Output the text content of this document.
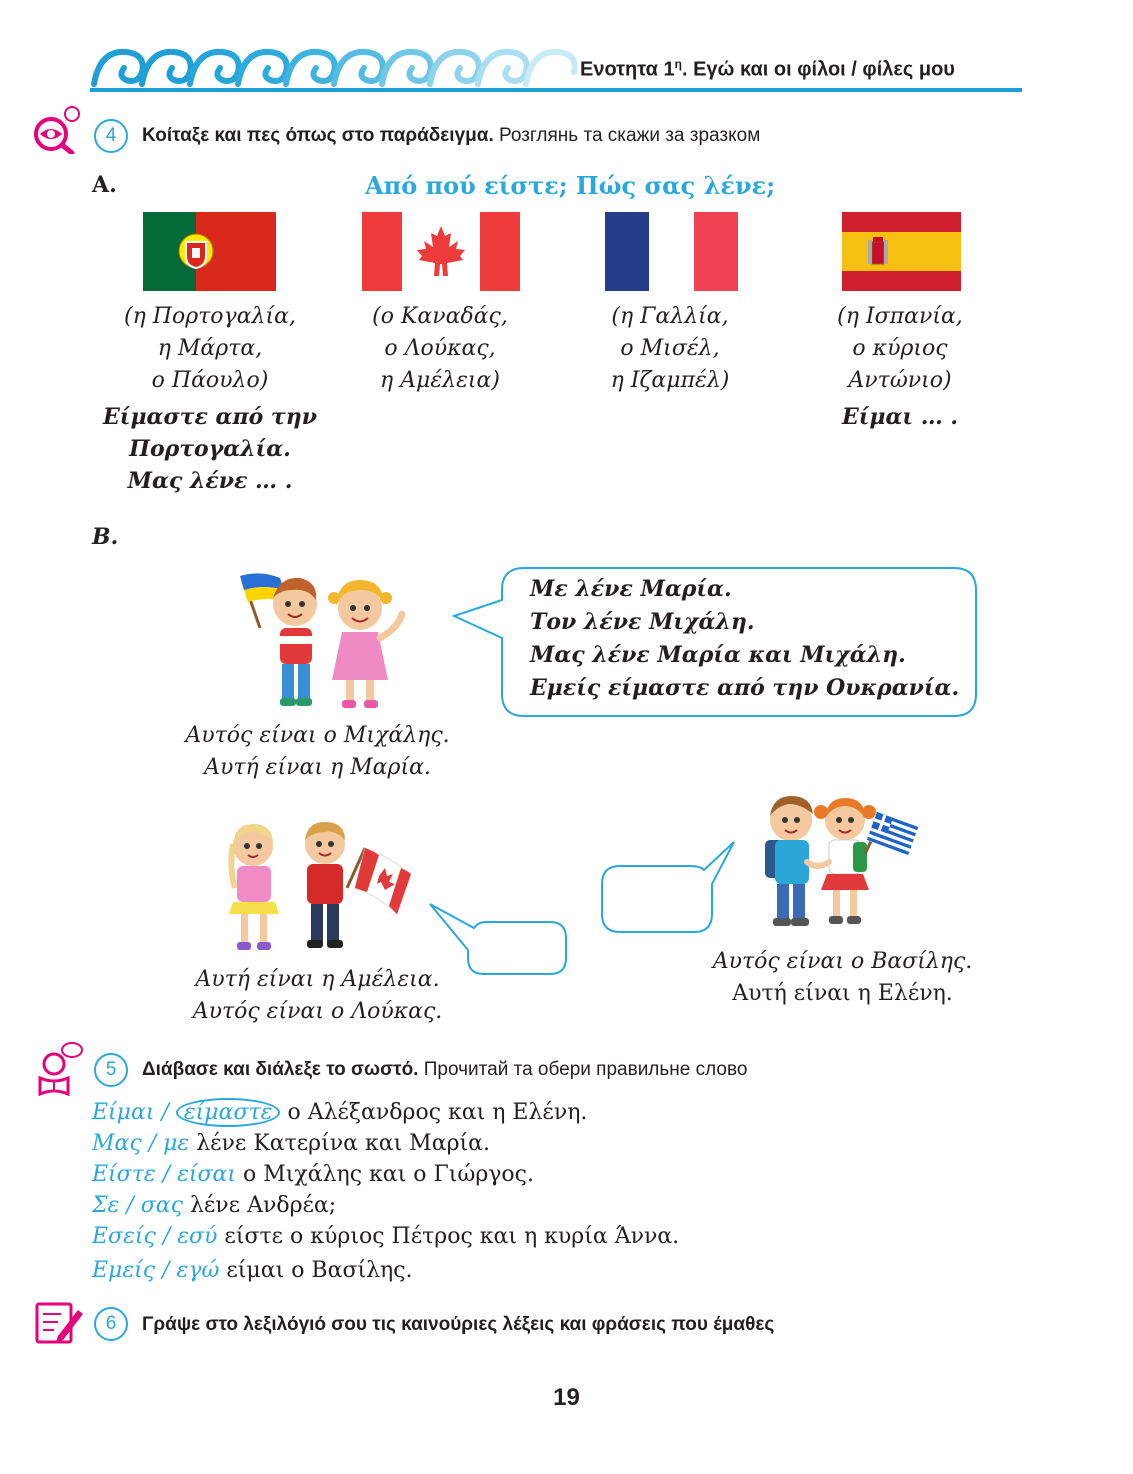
Ενοτητα $1^\eta$. Εγώ και οι φίλοι / φίλες μου
4	Κοίταξε και πες όπως στο παράδειγμα. Розглянь та скажи за зразком
A.	Από πού είστε; Πώς σας λένε;
(η Πορτογαλία,
η Μάρτα,
ο Πάουλο)
(ο Καναδάς,
ο Λούκας,
η Αμέλεια)
(η Γαλλία,
ο Μισέλ,
η Ιζαμπέλ)
(η Ισπανία,
ο κύριος
Αντώνιο)
Είμαστε από την
Πορτογαλία.
Μας λένε … .
Είμαι … .
B.
Με λένε Μαρία.
Τον λένε Μιχάλη.
Μας λένε Μαρία και Μιχάλη.
Εμείς είμαστε από την Ουκρανία.
Αυτός είναι ο Μιχάλης.
Αυτή είναι η Μαρία.
Αυτή είναι η Αμέλεια.
Αυτός είναι ο Λούκας.
Αυτός είναι ο Βασίλης.
Αυτή είναι η Ελένη.
5	Διάβασε και διάλεξε το σωστό. Прочитай та обери правильне слово
Είμαι / είμαστε ο Αλέξανδρος και η Ελένη.
Μας / με λένε Κατερίνα και Μαρία.
Είστε / είσαι ο Μιχάλης και ο Γιώργος.
Σε / σας λένε Ανδρέα;
Εσείς / εσύ είστε ο κύριος Πέτρος και η κυρία Άννα.
Εμείς / εγώ είμαι ο Βασίλης.
6	Γράψε στο λεξιλόγιό σου τις καινούριες λέξεις και φράσεις που έμαθες
19
